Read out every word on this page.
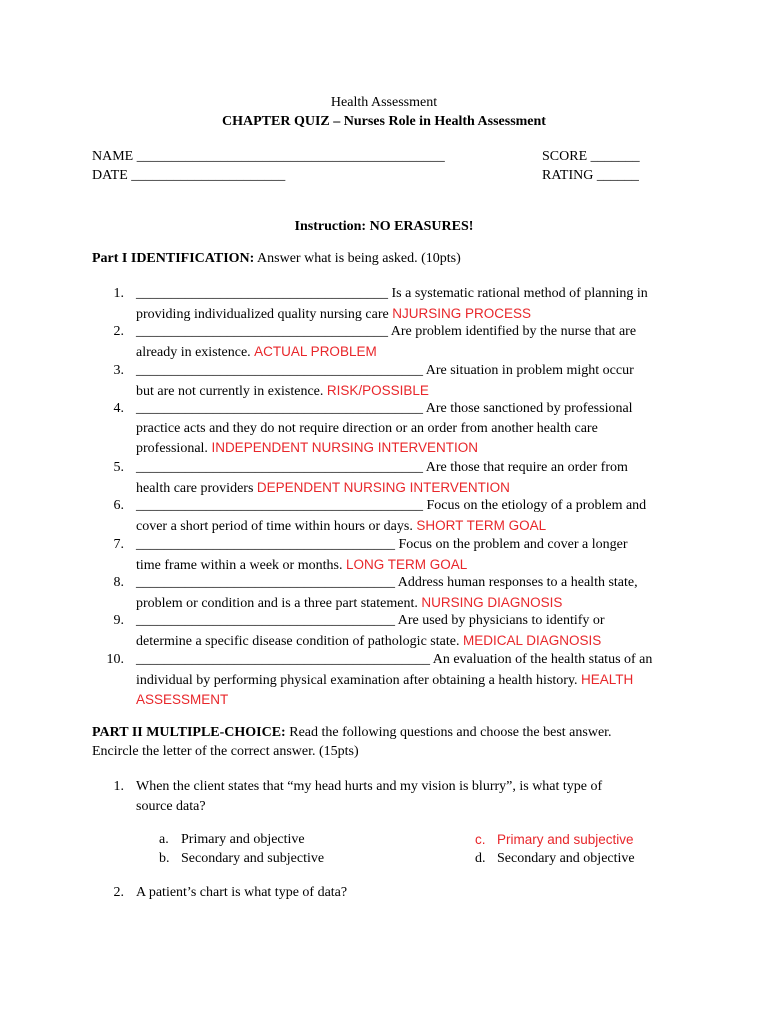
Health Assessment
CHAPTER QUIZ – Nurses Role in Health Assessment
NAME ____________________________________________
DATE ______________________
SCORE _______
RATING ______
Instruction: NO ERASURES!
Part I IDENTIFICATION: Answer what is being asked. (10pts)
1. ____________________________________ Is a systematic rational method of planning in
providing individualized quality nursing care NJURSING PROCESS
2. ____________________________________ Are problem identified by the nurse that are
already in existence. ACTUAL PROBLEM
3. _________________________________________ Are situation in problem might occur
but are not currently in existence. RISK/POSSIBLE
4. _________________________________________ Are those sanctioned by professional
practice acts and they do not require direction or an order from another health care
professional. INDEPENDENT NURSING INTERVENTION
5. _________________________________________ Are those that require an order from
health care providers DEPENDENT NURSING INTERVENTION
6. _________________________________________ Focus on the etiology of a problem and
cover a short period of time within hours or days. SHORT TERM GOAL
7. _____________________________________ Focus on the problem and cover a longer
time frame within a week or months. LONG TERM GOAL
8. _____________________________________ Address human responses to a health state,
problem or condition and is a three part statement. NURSING DIAGNOSIS
9. _____________________________________ Are used by physicians to identify or
determine a specific disease condition of pathologic state. MEDICAL DIAGNOSIS
10. __________________________________________ An evaluation of the health status of an
individual by performing physical examination after obtaining a health history. HEALTH
ASSESSMENT
PART II MULTIPLE-CHOICE: Read the following questions and choose the best answer.
Encircle the letter of the correct answer. (15pts)
1. When the client states that “my head hurts and my vision is blurry”, is what type of
source data?
a. Primary and objective
b. Secondary and subjective
c. Primary and subjective
d. Secondary and objective
2. A patient’s chart is what type of data?
